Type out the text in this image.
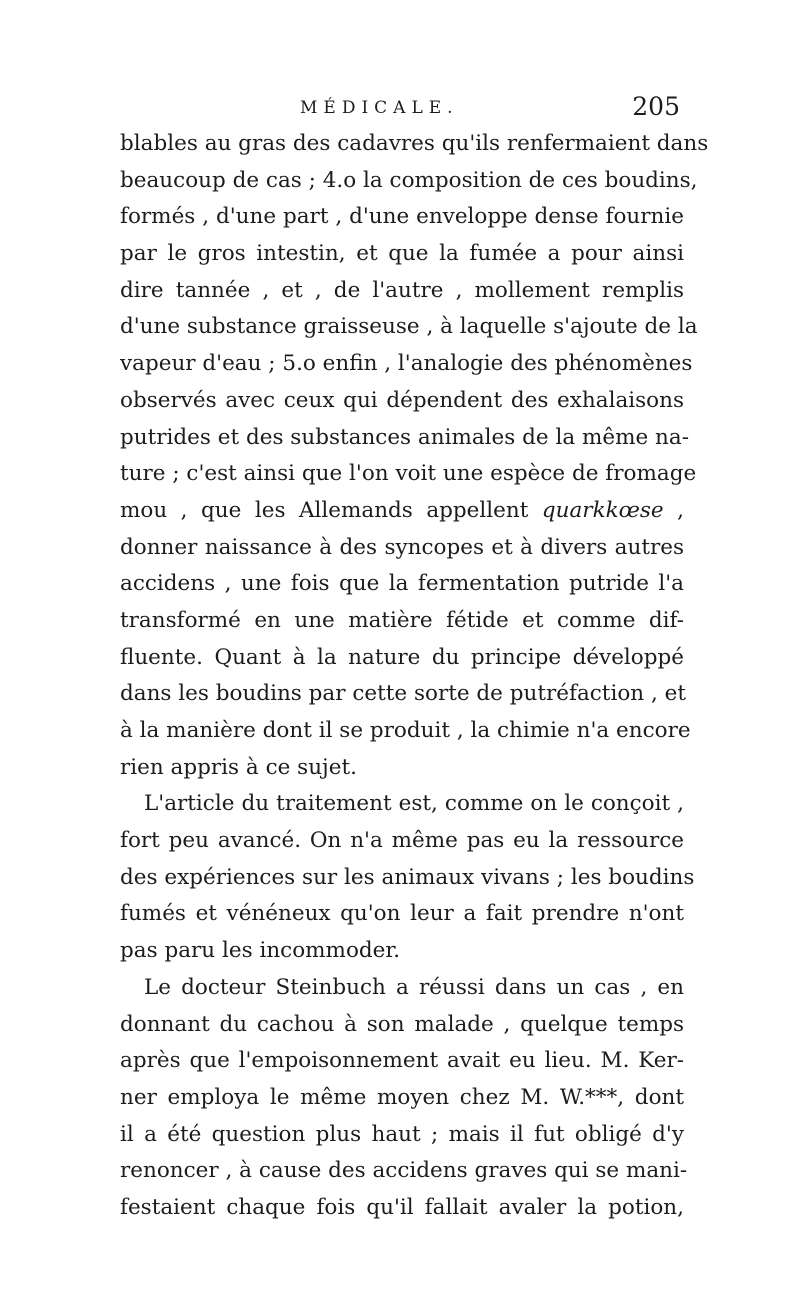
MÉDICALE.	205
blables au gras des cadavres qu'ils renfermaient dans
beaucoup de cas ; 4.o la composition de ces boudins,
formés , d'une part , d'une enveloppe dense fournie
par le gros intestin, et que la fumée a pour ainsi
dire tannée , et , de l'autre , mollement remplis
d'une substance graisseuse , à laquelle s'ajoute de la
vapeur d'eau ; 5.o enfin , l'analogie des phénomènes
observés avec ceux qui dépendent des exhalaisons
putrides et des substances animales de la même na-
ture ; c'est ainsi que l'on voit une espèce de fromage
mou , que les Allemands appellent quarkkœse ,
donner naissance à des syncopes et à divers autres
accidens , une fois que la fermentation putride l'a
transformé en une matière fétide et comme dif-
fluente. Quant à la nature du principe développé
dans les boudins par cette sorte de putréfaction , et
à la manière dont il se produit , la chimie n'a encore
rien appris à ce sujet.
L'article du traitement est, comme on le conçoit ,
fort peu avancé. On n'a même pas eu la ressource
des expériences sur les animaux vivans ; les boudins
fumés et vénéneux qu'on leur a fait prendre n'ont
pas paru les incommoder.
Le docteur Steinbuch a réussi dans un cas , en
donnant du cachou à son malade , quelque temps
après que l'empoisonnement avait eu lieu. M. Ker-
ner employa le même moyen chez M. W.***, dont
il a été question plus haut ; mais il fut obligé d'y
renoncer , à cause des accidens graves qui se mani-
festaient chaque fois qu'il fallait avaler la potion,
